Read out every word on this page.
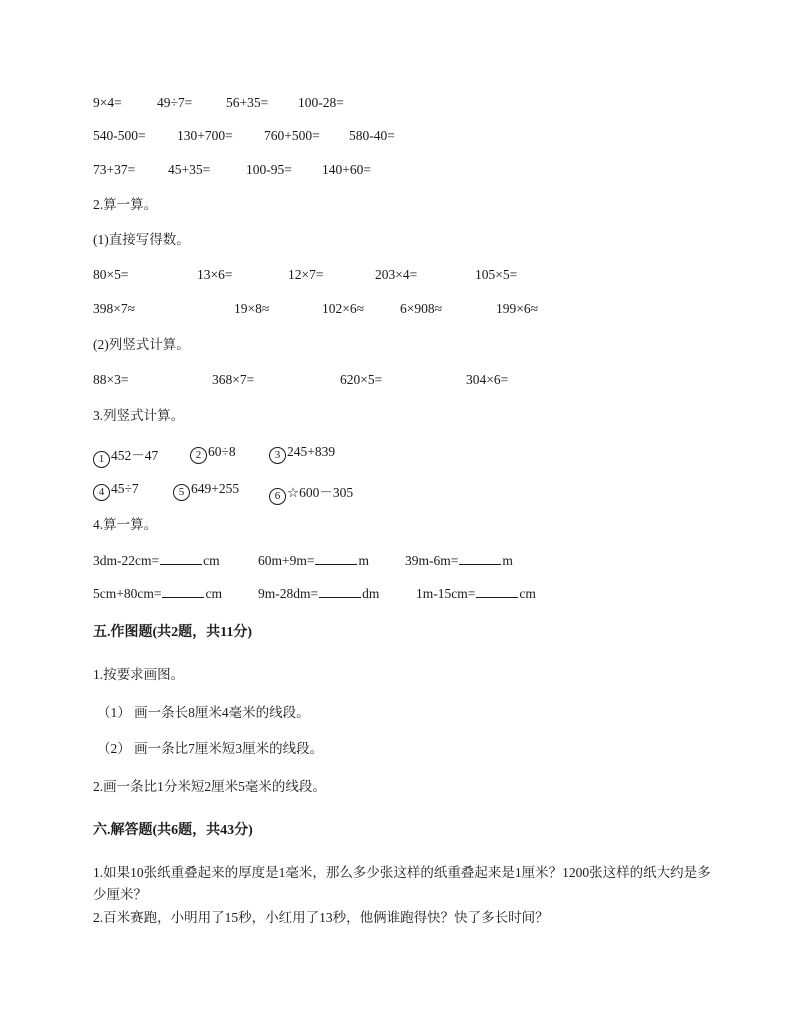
9×4=	49÷7= 56+35= 100-28=
540-500= 130+700= 760+500= 580-40=
73+37= 45+35=	100-95= 140+60=
2.算一算。
(1)直接写得数。
80×5=	13×6=	12×7=	203×4=	105×5=
398×7≈	19×8≈	102×6≈	6×908≈	199×6≈
(2)列竖式计算。
88×3=	368×7=	620×5=	304×6=
3.列竖式计算。
1 452－47	2 60÷8	3 245+839
4 45÷7	5 649+255	6 ☆600－305
4.算一算。
3dm-22cm=	cm	60m+9m=	m	39m-6m=	m
5cm+80cm=	cm	9m-28dm=	dm	1m-15cm=	cm
五.作图题(共2题，共11分)
1.按要求画图。
（1） 画一条长8厘米4毫米的线段。
（2） 画一条比7厘米短3厘米的线段。
2.画一条比1分米短2厘米5毫米的线段。
六.解答题(共6题，共43分)
1.如果10张纸重叠起来的厚度是1毫米，那么多少张这样的纸重叠起来是1厘米？1200张这样的纸大约是多少厘米？
2.百米赛跑，小明用了15秒，小红用了13秒，他俩谁跑得快？快了多长时间？
